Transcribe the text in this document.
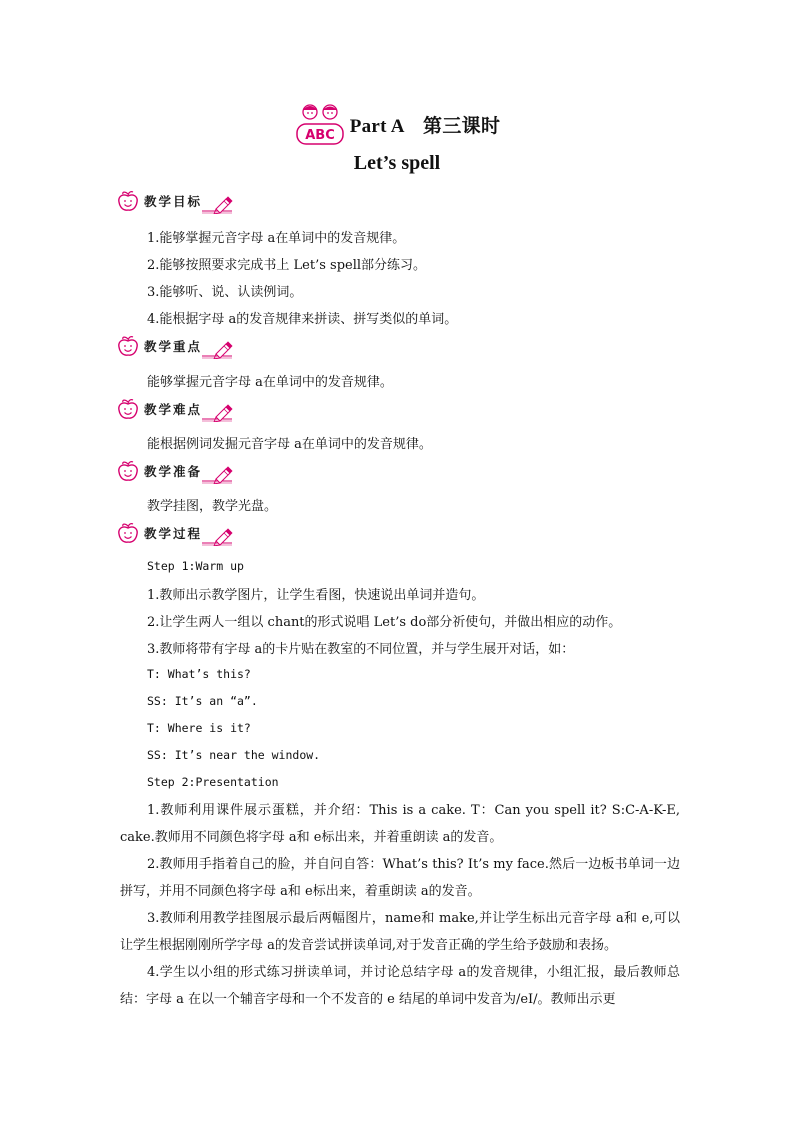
ABC Part A　第三课时
Let’s spell
教学目标
1.能够掌握元音字母 a在单词中的发音规律。
2.能够按照要求完成书上 Let’s spell部分练习。
3.能够听、说、认读例词。
4.能根据字母 a的发音规律来拼读、拼写类似的单词。
教学重点
能够掌握元音字母 a在单词中的发音规律。
教学难点
能根据例词发掘元音字母 a在单词中的发音规律。
教学准备
教学挂图，教学光盘。
教学过程
Step 1:Warm up
1.教师出示教学图片，让学生看图，快速说出单词并造句。
2.让学生两人一组以 chant的形式说唱 Let’s do部分祈使句，并做出相应的动作。
3.教师将带有字母 a的卡片贴在教室的不同位置，并与学生展开对话，如：
T: What’s this?
SS: It’s an “a”.
T: Where is it?
SS: It’s near the window.
Step 2:Presentation
1.教师利用课件展示蛋糕，并介绍：This is a cake. T：Can you spell it? S:C-A-K-E, cake.教师用不同颜色将字母 a和 e标出来，并着重朗读 a的发音。
2.教师用手指着自己的脸，并自问自答：What’s this? It’s my face.然后一边板书单词一边拼写，并用不同颜色将字母 a和 e标出来，着重朗读 a的发音。
3.教师利用教学挂图展示最后两幅图片，name和 make,并让学生标出元音字母 a和 e,可以让学生根据刚刚所学字母 a的发音尝试拼读单词,对于发音正确的学生给予鼓励和表扬。
4.学生以小组的形式练习拼读单词，并讨论总结字母 a的发音规律，小组汇报，最后教师总结：字母 a 在以一个辅音字母和一个不发音的 e 结尾的单词中发音为/eI/。教师出示更
